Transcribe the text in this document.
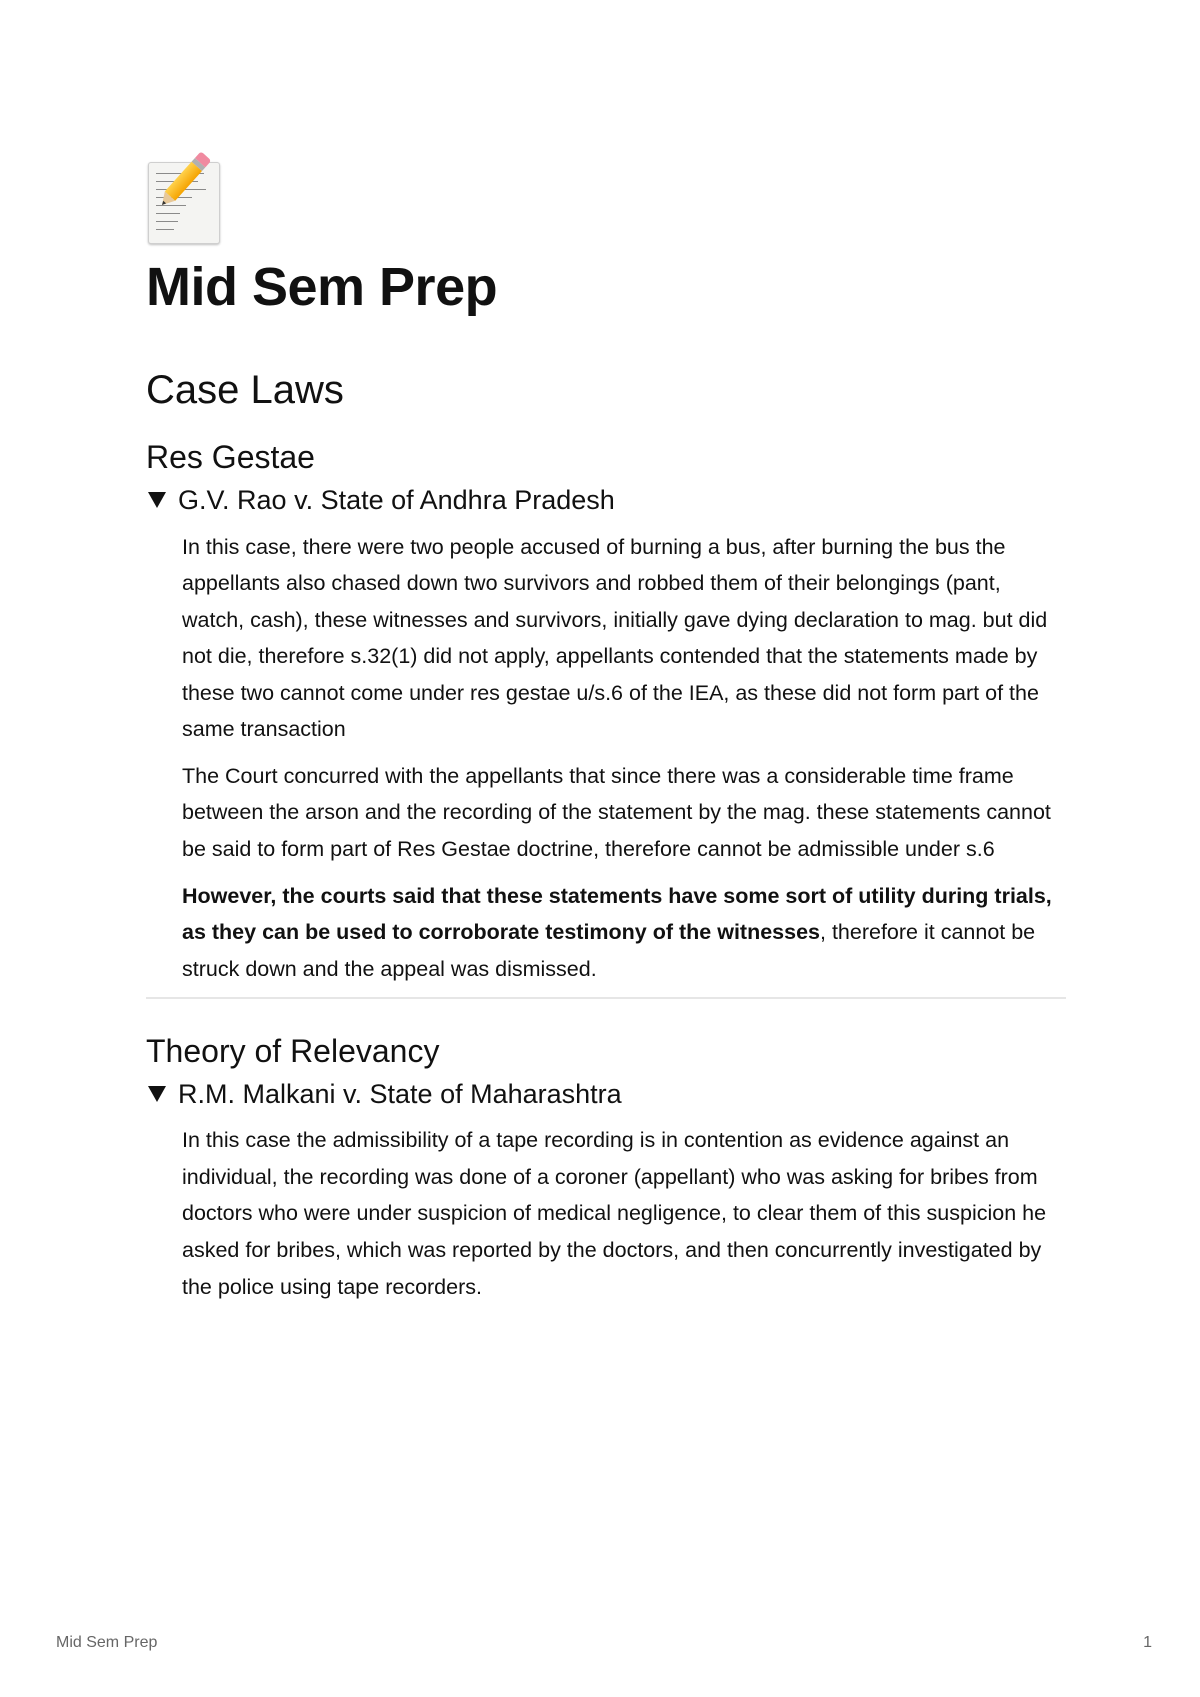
Mid Sem Prep
Case Laws
Res Gestae
G.V. Rao v. State of Andhra Pradesh

In this case, there were two people accused of burning a bus, after burning the bus the appellants also chased down two survivors and robbed them of their belongings (pant, watch, cash), these witnesses and survivors, initially gave dying declaration to mag. but did not die, therefore s.32(1) did not apply, appellants contended that the statements made by these two cannot come under res gestae u/s.6 of the IEA, as these did not form part of the same transaction

The Court concurred with the appellants that since there was a considerable time frame between the arson and the recording of the statement by the mag. these statements cannot be said to form part of Res Gestae doctrine, therefore cannot be admissible under s.6

However, the courts said that these statements have some sort of utility during trials, as they can be used to corroborate testimony of the witnesses, therefore it cannot be struck down and the appeal was dismissed.

Theory of Relevancy
R.M. Malkani v. State of Maharashtra

In this case the admissibility of a tape recording is in contention as evidence against an individual, the recording was done of a coroner (appellant) who was asking for bribes from doctors who were under suspicion of medical negligence, to clear them of this suspicion he asked for bribes, which was reported by the doctors, and then concurrently investigated by the police using tape recorders.

Mid Sem Prep	1
